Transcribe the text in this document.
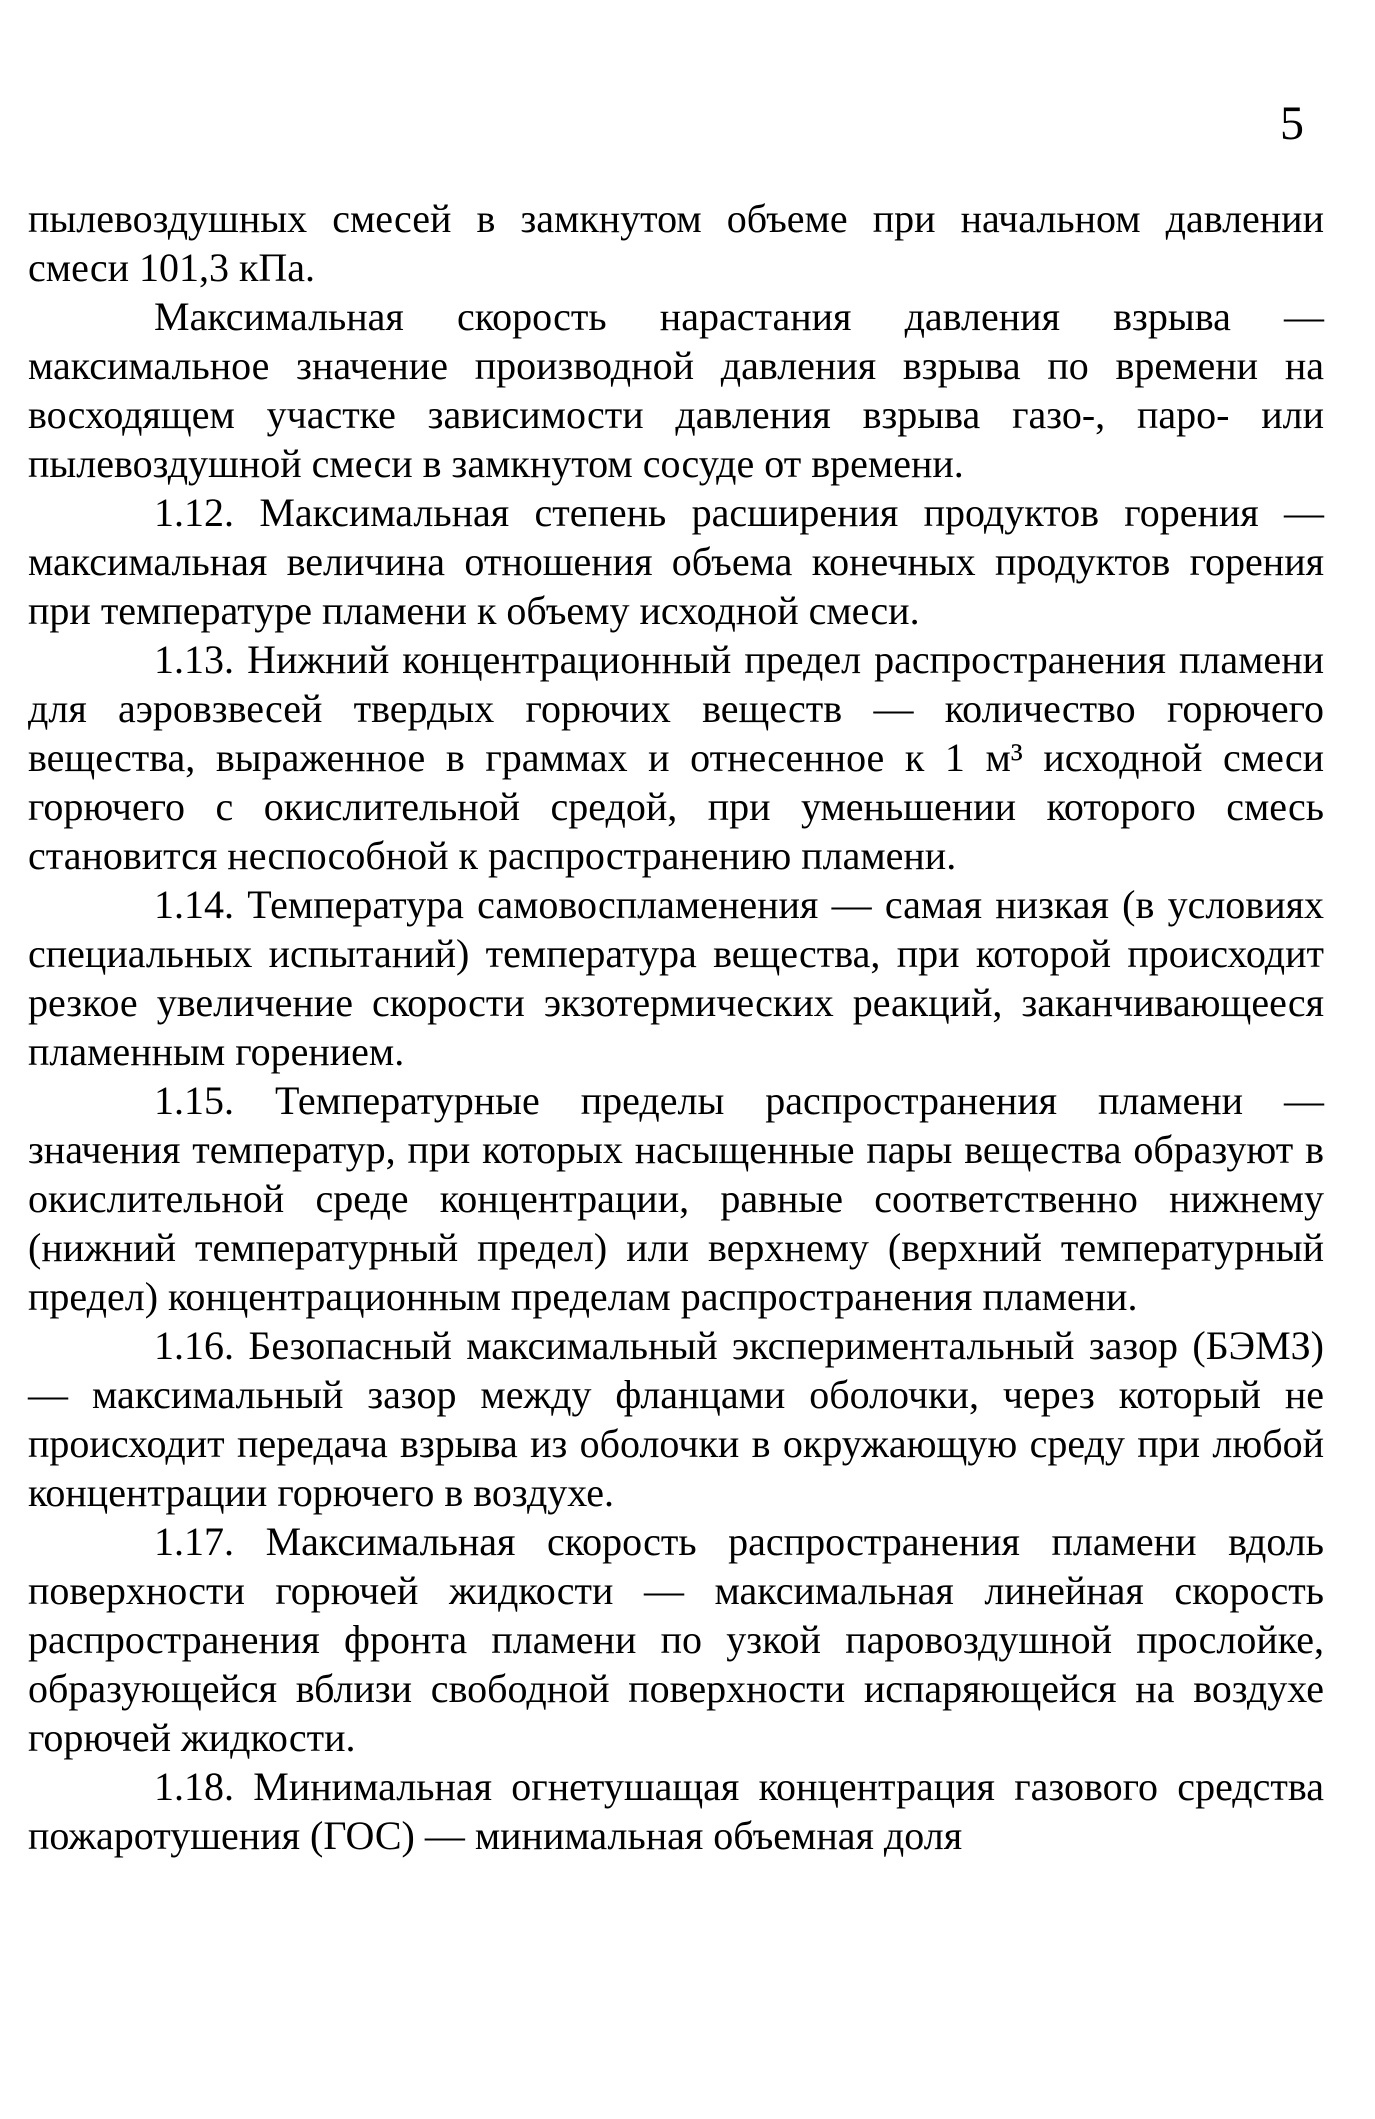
5

пылевоздушных смесей в замкнутом объеме при начальном давлении смеси 101,3 кПа.

Максимальная скорость нарастания давления взрыва — максимальное значение производной давления взрыва по времени на восходящем участке зависимости давления взрыва газо-, паро- или пылевоздушной смеси в замкнутом сосуде от времени.

1.12. Максимальная степень расширения продуктов горения — максимальная величина отношения объема конечных продуктов горения при температуре пламени к объему исходной смеси.

1.13. Нижний концентрационный предел распространения пламени для аэровзвесей твердых горючих веществ — количество горючего вещества, выраженное в граммах и отнесенное к 1 м³ исходной смеси горючего с окислительной средой, при уменьшении которого смесь становится неспособной к распространению пламени.

1.14. Температура самовоспламенения — самая низкая (в условиях специальных испытаний) температура вещества, при которой происходит резкое увеличение скорости экзотермических реакций, заканчивающееся пламенным горением.

1.15. Температурные пределы распространения пламени — значения температур, при которых насыщенные пары вещества образуют в окислительной среде концентрации, равные соответственно нижнему (нижний температурный предел) или верхнему (верхний температурный предел) концентрационным пределам распространения пламени.

1.16. Безопасный максимальный экспериментальный зазор (БЭМЗ) — максимальный зазор между фланцами оболочки, через который не происходит передача взрыва из оболочки в окружающую среду при любой концентрации горючего в воздухе.

1.17. Максимальная скорость распространения пламени вдоль поверхности горючей жидкости — максимальная линейная скорость распространения фронта пламени по узкой паровоздушной прослойке, образующейся вблизи свободной поверхности испаряющейся на воздухе горючей жидкости.

1.18. Минимальная огнетушащая концентрация газового средства пожаротушения (ГОС) — минимальная объемная доля
